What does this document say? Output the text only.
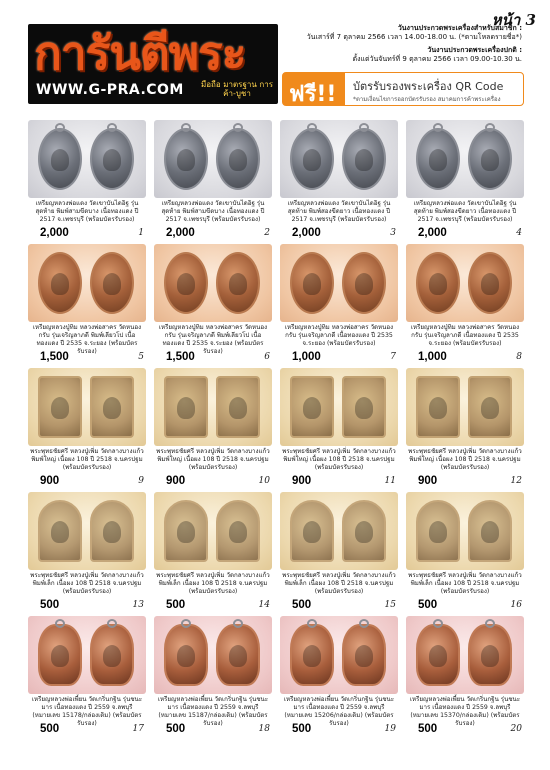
หน้า 3
การันตีพระ
WWW.G-PRA.COM มือถือ มาตรฐาน การค้า-บูชา
วันงานประกวดพระเครื่องสำหรับสมาชิก :
วันเสาร์ที่ 7 ตุลาคม 2566 เวลา 14.00-18.00 น. (*ตามโหลดรายชื่อ*)
วันงานประกวดพระเครื่องปกติ :
ตั้งแต่วันจันทร์ที่ 9 ตุลาคม 2566 เวลา 09.00-10.30 น.
ฟรี!! บัตรรับรองพระเครื่อง QR Code
*ตามเงื่อนไขการออกบัตรรับรอง สมาคมการค้าพระเครื่อง
เหรียญหลวงพ่อแดง วัดเขาบันไดอิฐ รุ่นสุดท้าย พิมพ์สามขีดบาง เนื้อทองแดง ปี 2517 จ.เพชรบุรี (พร้อมบัตรรับรอง)
2,000	1
เหรียญหลวงพ่อแดง วัดเขาบันไดอิฐ รุ่นสุดท้าย พิมพ์สามขีดบาง เนื้อทองแดง ปี 2517 จ.เพชรบุรี (พร้อมบัตรรับรอง)
2,000	2
เหรียญหลวงพ่อแดง วัดเขาบันไดอิฐ รุ่นสุดท้าย พิมพ์สองขีดยาว เนื้อทองแดง ปี 2517 จ.เพชรบุรี (พร้อมบัตรรับรอง)
2,000	3
เหรียญหลวงพ่อแดง วัดเขาบันไดอิฐ รุ่นสุดท้าย พิมพ์สองขีดยาว เนื้อทองแดง ปี 2517 จ.เพชรบุรี (พร้อมบัตรรับรอง)
2,000	4
เหรียญหลวงปู่ทิม หลวงพ่อสาคร วัดหนองกรับ รุ่นเจริญลาภดี พิมพ์เลียวโป เนื้อทองแดง ปี 2535 จ.ระยอง (พร้อมบัตรรับรอง)
1,500	5
เหรียญหลวงปู่ทิม หลวงพ่อสาคร วัดหนองกรับ รุ่นเจริญลาภดี พิมพ์เลียวโป เนื้อทองแดง ปี 2535 จ.ระยอง (พร้อมบัตรรับรอง)
1,500	6
เหรียญหลวงปู่ทิม หลวงพ่อสาคร วัดหนองกรับ รุ่นเจริญลาภดี เนื้อทองแดง ปี 2535 จ.ระยอง (พร้อมบัตรรับรอง)
1,000	7
เหรียญหลวงปู่ทิม หลวงพ่อสาคร วัดหนองกรับ รุ่นเจริญลาภดี เนื้อทองแดง ปี 2535 จ.ระยอง (พร้อมบัตรรับรอง)
1,000	8
พระพุทธชัยศรี หลวงปู่เพิ่ม วัดกลางบางแก้ว พิมพ์ใหญ่ เนื้อผง 108 ปี 2518 จ.นครปฐม (พร้อมบัตรรับรอง)
900	9
พระพุทธชัยศรี หลวงปู่เพิ่ม วัดกลางบางแก้ว พิมพ์ใหญ่ เนื้อผง 108 ปี 2518 จ.นครปฐม (พร้อมบัตรรับรอง)
900	10
พระพุทธชัยศรี หลวงปู่เพิ่ม วัดกลางบางแก้ว พิมพ์ใหญ่ เนื้อผง 108 ปี 2518 จ.นครปฐม (พร้อมบัตรรับรอง)
900	11
พระพุทธชัยศรี หลวงปู่เพิ่ม วัดกลางบางแก้ว พิมพ์ใหญ่ เนื้อผง 108 ปี 2518 จ.นครปฐม (พร้อมบัตรรับรอง)
900	12
พระพุทธชัยศรี หลวงปู่เพิ่ม วัดกลางบางแก้ว พิมพ์เล็ก เนื้อผง 108 ปี 2518 จ.นครปฐม (พร้อมบัตรรับรอง)
500	13
พระพุทธชัยศรี หลวงปู่เพิ่ม วัดกลางบางแก้ว พิมพ์เล็ก เนื้อผง 108 ปี 2518 จ.นครปฐม (พร้อมบัตรรับรอง)
500	14
พระพุทธชัยศรี หลวงปู่เพิ่ม วัดกลางบางแก้ว พิมพ์เล็ก เนื้อผง 108 ปี 2518 จ.นครปฐม (พร้อมบัตรรับรอง)
500	15
พระพุทธชัยศรี หลวงปู่เพิ่ม วัดกลางบางแก้ว พิมพ์เล็ก เนื้อผง 108 ปี 2518 จ.นครปฐม (พร้อมบัตรรับรอง)
500	16
เหรียญหลวงพ่อเพี้ยน วัดเกริ่นกฐิน รุ่นชนะมาร เนื้อทองแดง ปี 2559 จ.ลพบุรี (หมายเลข 15178/กล่องเดิม) (พร้อมบัตรรับรอง)
500	17
เหรียญหลวงพ่อเพี้ยน วัดเกริ่นกฐิน รุ่นชนะมาร เนื้อทองแดง ปี 2559 จ.ลพบุรี (หมายเลข 15187/กล่องเดิม) (พร้อมบัตรรับรอง)
500	18
เหรียญหลวงพ่อเพี้ยน วัดเกริ่นกฐิน รุ่นชนะมาร เนื้อทองแดง ปี 2559 จ.ลพบุรี (หมายเลข 15206/กล่องเดิม) (พร้อมบัตรรับรอง)
500	19
เหรียญหลวงพ่อเพี้ยน วัดเกริ่นกฐิน รุ่นชนะมาร เนื้อทองแดง ปี 2559 จ.ลพบุรี (หมายเลข 15370/กล่องเดิม) (พร้อมบัตรรับรอง)
500	20
